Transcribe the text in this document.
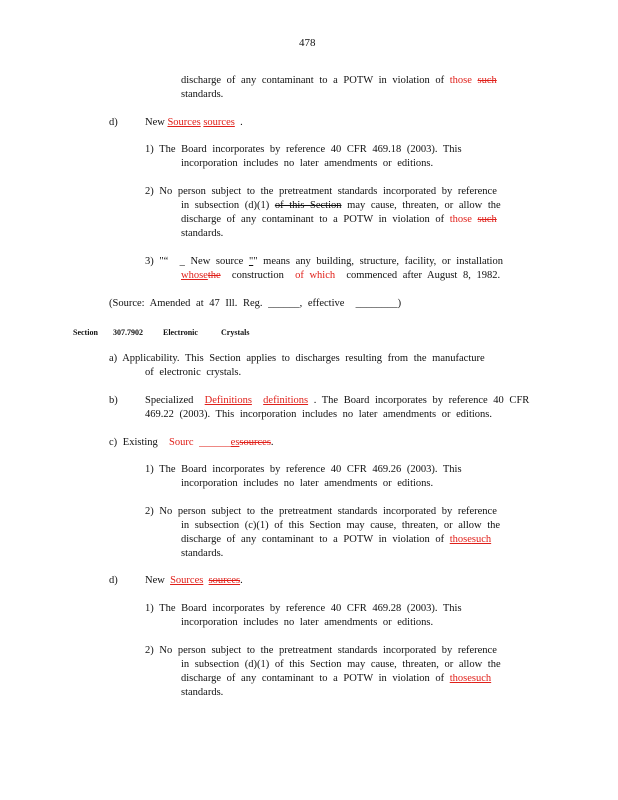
478
discharge of any contaminant to a POTW in violation of those such
standards.
d)	New Sources sources .
1) The Board incorporates by reference 40 CFR 469.18 (2003). This
incorporation includes no later amendments or editions.
2) No person subject to the pretreatment standards incorporated by reference
in subsection (d)(1) of this Section may cause, threaten, or allow the
discharge of any contaminant to a POTW in violation of those such
standards.
3) "“ _ New source "" means any building, structure, facility, or installation
whosethe construction of which commenced after August 8, 1982.
(Source: Amended at 47 Ill. Reg. ______, effective ________)
Section 307.7902	Electronic	Crystals
a) Applicability. This Section applies to discharges resulting from the manufacture
of electronic crystals.
b)	Specialized Definitions definitions . The Board incorporates by reference 40 CFR
469.22 (2003). This incorporation includes no later amendments or editions.
c) Existing Sourc ______essources.
1) The Board incorporates by reference 40 CFR 469.26 (2003). This
incorporation includes no later amendments or editions.
2) No person subject to the pretreatment standards incorporated by reference
in subsection (c)(1) of this Section may cause, threaten, or allow the
discharge of any contaminant to a POTW in violation of thosesuch
standards.
d)	New Sources sources.
1) The Board incorporates by reference 40 CFR 469.28 (2003). This
incorporation includes no later amendments or editions.
2) No person subject to the pretreatment standards incorporated by reference
in subsection (d)(1) of this Section may cause, threaten, or allow the
discharge of any contaminant to a POTW in violation of thosesuch
standards.
